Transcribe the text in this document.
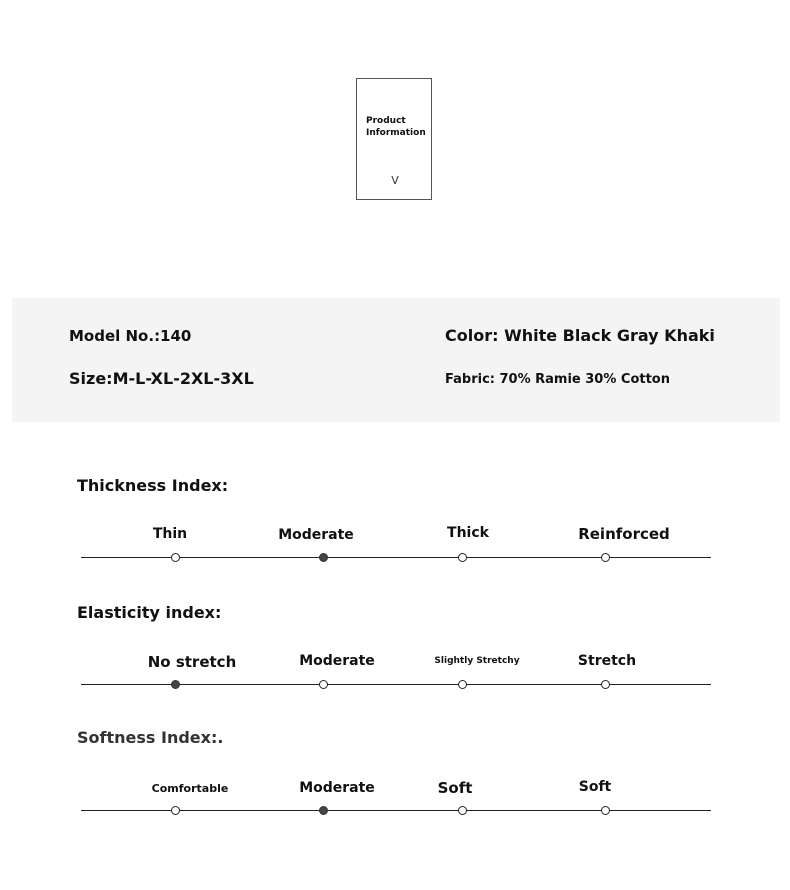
Product
Information
V
Model No.:140
Size:M-L-XL-2XL-3XL
Color: White Black Gray Khaki
Fabric: 70% Ramie 30% Cotton
Thickness Index:
Thin	Moderate	Thick	Reinforced
Elasticity index:
No stretch	Moderate	Slightly Stretchy	Stretch
Softness Index:.
Comfortable	Moderate	Soft	Soft
